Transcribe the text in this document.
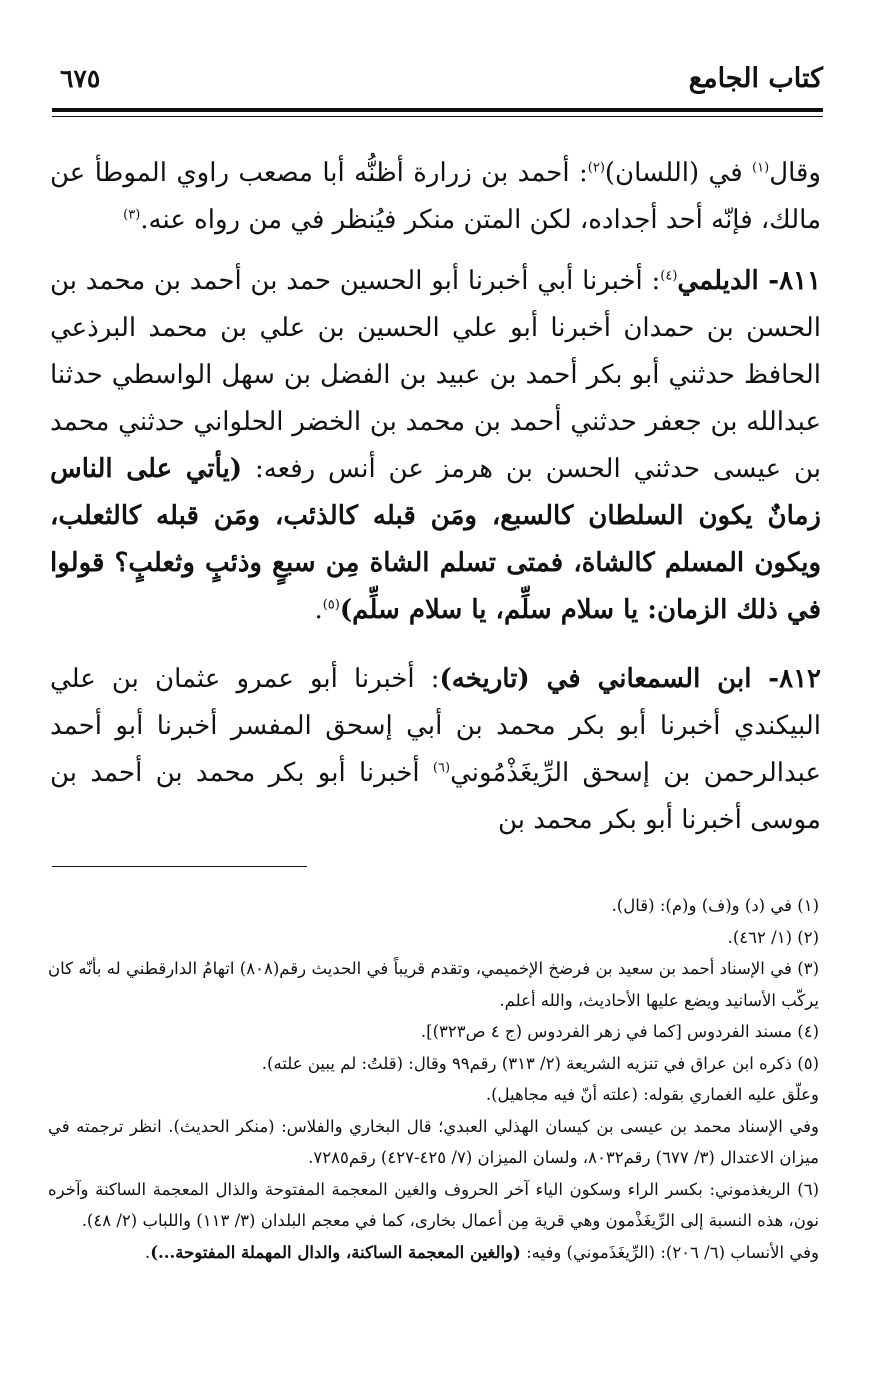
كتاب الجامع
٦٧٥

وقال$^{(١)}$ في (اللسان)$^{(٢)}$: أحمد بن زرارة أظنُّه أبا مصعب راوي الموطأ عن مالك، فإنّه أحد أجداده، لكن المتن منكر فيُنظر في من رواه عنه.$^{(٣)}$

٨١١- الديلمي$^{(٤)}$: أخبرنا أبي أخبرنا أبو الحسين حمد بن أحمد بن محمد بن الحسن بن حمدان أخبرنا أبو علي الحسين بن علي بن محمد البرذعي الحافظ حدثني أبو بكر أحمد بن عبيد بن الفضل بن سهل الواسطي حدثنا عبدالله بن جعفر حدثني أحمد بن محمد بن الخضر الحلواني حدثني محمد بن عيسى حدثني الحسن بن هرمز عن أنس رفعه: (يأتي على الناس زمانٌ يكون السلطان كالسبع، ومَن قبله كالذئب، ومَن قبله كالثعلب، ويكون المسلم كالشاة، فمتى تسلم الشاة مِن سبعٍ وذئبٍ وثعلبٍ؟ قولوا في ذلك الزمان: يا سلام سلِّم، يا سلام سلِّم)$^{(٥)}$.

٨١٢- ابن السمعاني في (تاريخه): أخبرنا أبو عمرو عثمان بن علي البيكندي أخبرنا أبو بكر محمد بن أبي إسحق المفسر أخبرنا أبو أحمد عبدالرحمن بن إسحق الرِّيغَذْمُوني$^{(٦)}$ أخبرنا أبو بكر محمد بن أحمد بن موسى أخبرنا أبو بكر محمد بن

(١) في (د) و(ف) و(م): (قال).

(٢) (١/ ٤٦٢).

(٣) في الإسناد أحمد بن سعيد بن فرضخ الإخميمي، وتقدم قريباً في الحديث رقم(٨٠٨) اتهامُ الدارقطني له بأنّه كان يركّب الأسانيد ويضع عليها الأحاديث، والله أعلم.

(٤) مسند الفردوس [كما في زهر الفردوس (ج ٤ ص٣٢٣)].

(٥) ذكره ابن عراق في تنزيه الشريعة (٢/ ٣١٣) رقم٩٩ وقال: (قلتُ: لم يبين علته).

وعلّق عليه الغماري بقوله: (علته أنّ فيه مجاهيل).

وفي الإسناد محمد بن عيسى بن كيسان الهذلي العبدي؛ قال البخاري والفلاس: (منكر الحديث). انظر ترجمته في ميزان الاعتدال (٣/ ٦٧٧) رقم٨٠٣٢، ولسان الميزان (٧/ ٤٢٥-٤٢٧) رقم٧٢٨٥.

(٦) الريغذموني: بكسر الراء وسكون الياء آخر الحروف والغين المعجمة المفتوحة والذال المعجمة الساكنة وآخره نون، هذه النسبة إلى الرِّيغَذْمون وهي قرية مِن أعمال بخارى، كما في معجم البلدان (٣/ ١١٣) واللباب (٢/ ٤٨).

وفي الأنساب (٦/ ٢٠٦): (الرِّيغَذَموني) وفيه: (والغين المعجمة الساكنة، والدال المهملة المفتوحة...).
